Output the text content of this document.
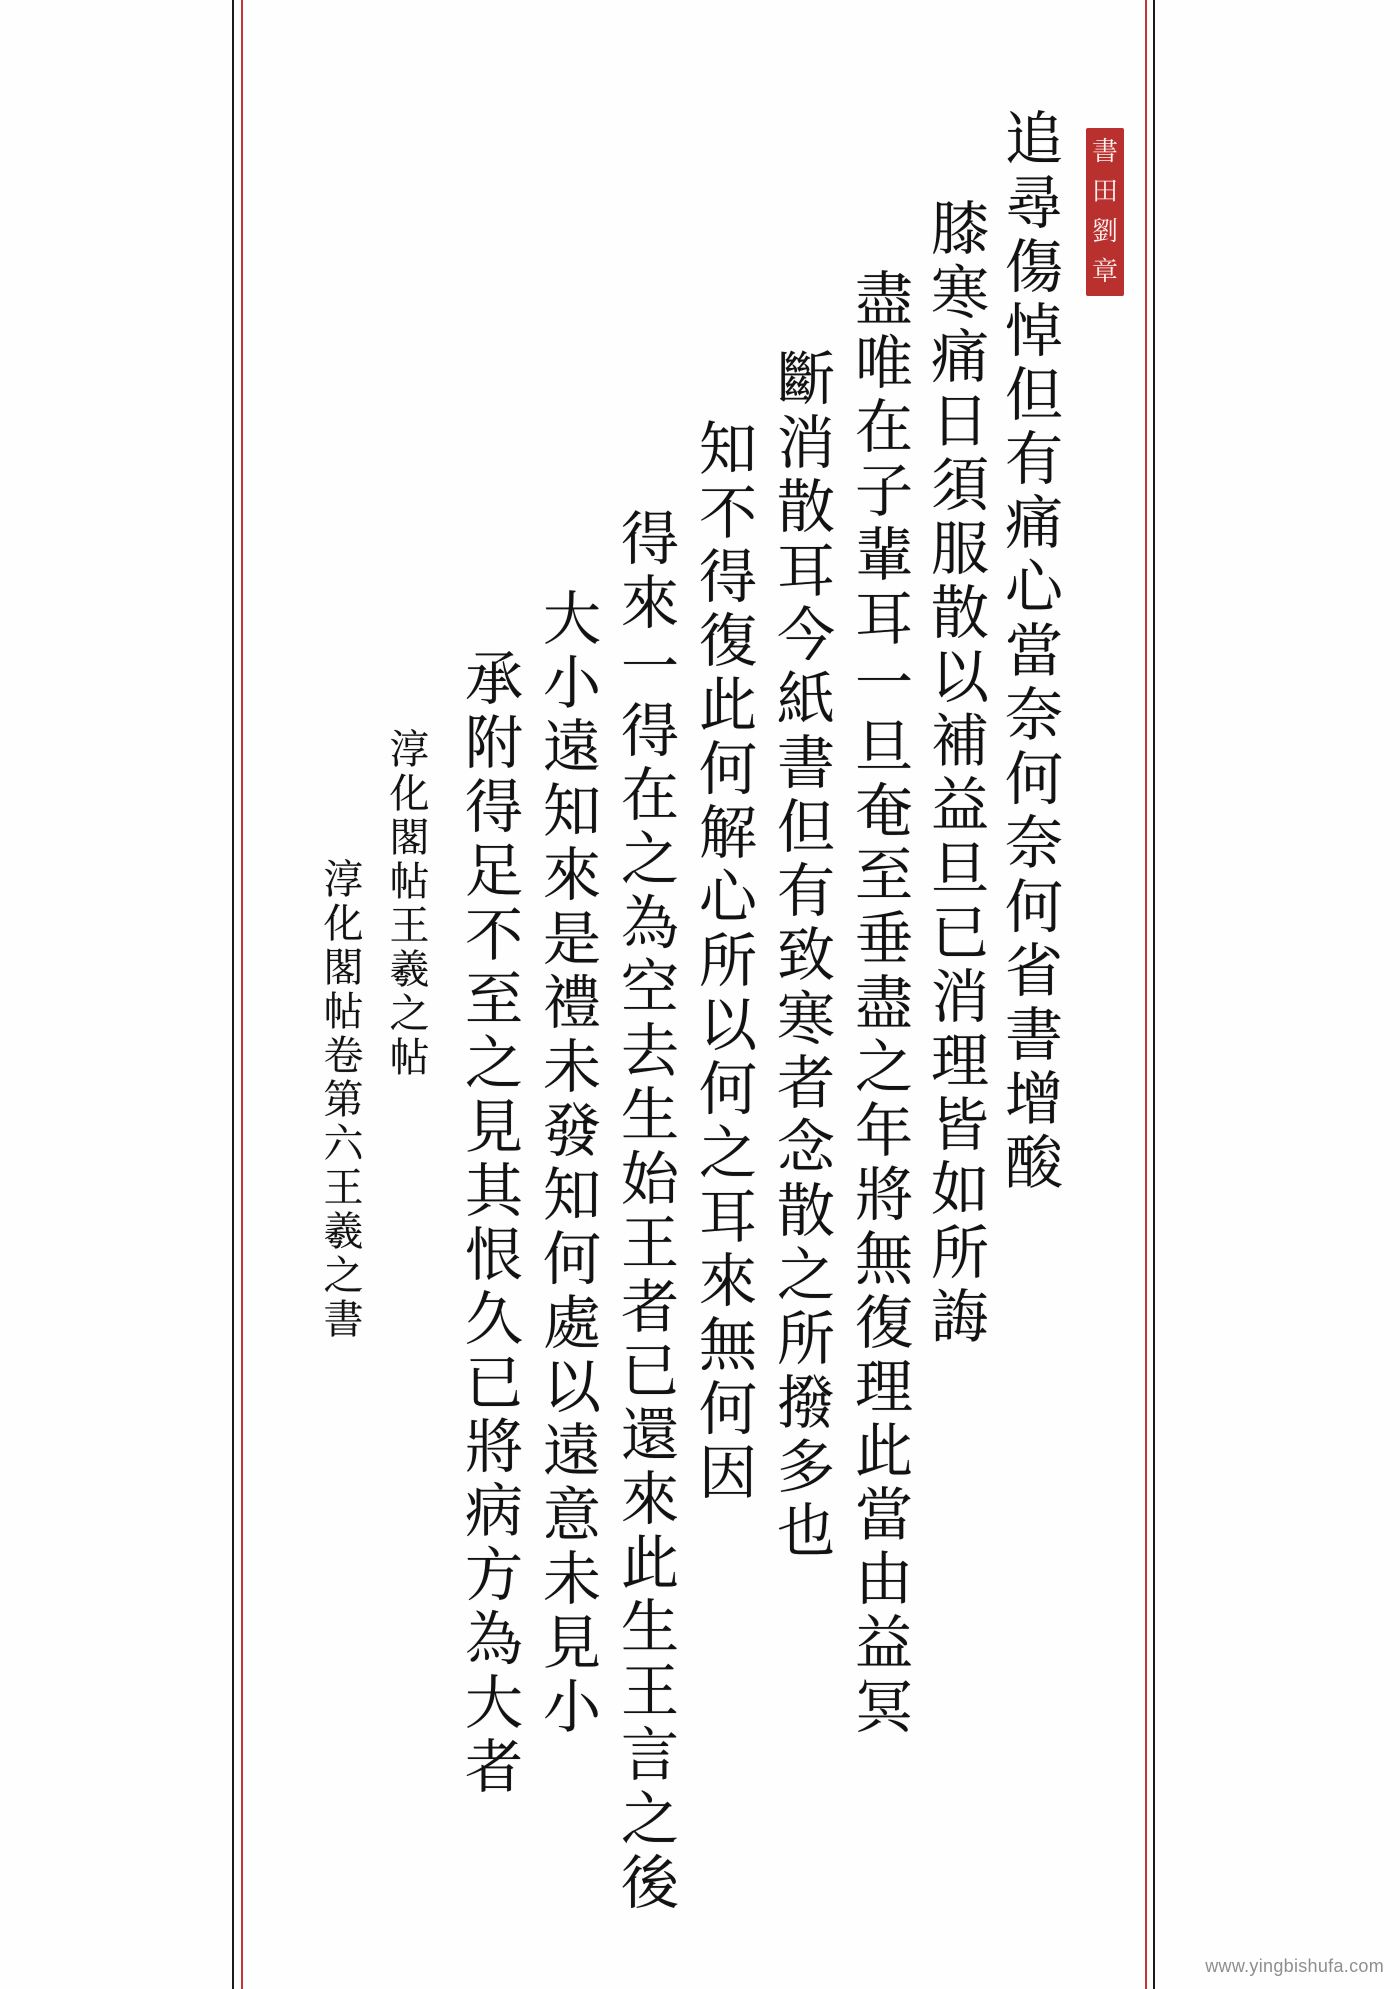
追尋傷悼但有痛心當奈何奈何省書增酸
膝寒痛日須服散以補益旦已消理皆如所誨
盡唯在子輩耳一旦奄至垂盡之年將無復理此當由益冥
斷消散耳今紙書但有致寒者念散之所撥多也
知不得復此何解心所以何之耳來無何因
得來一得在之為空去生始王者已還來此生王言之後
大小遠知來是禮未發知何處以遠意未見小
承附得足不至之見其恨久已將病方為大者
淳化閣帖王羲之帖
淳化閣帖卷第六王羲之書
書
田
劉
章
www.yingbishufa.com
